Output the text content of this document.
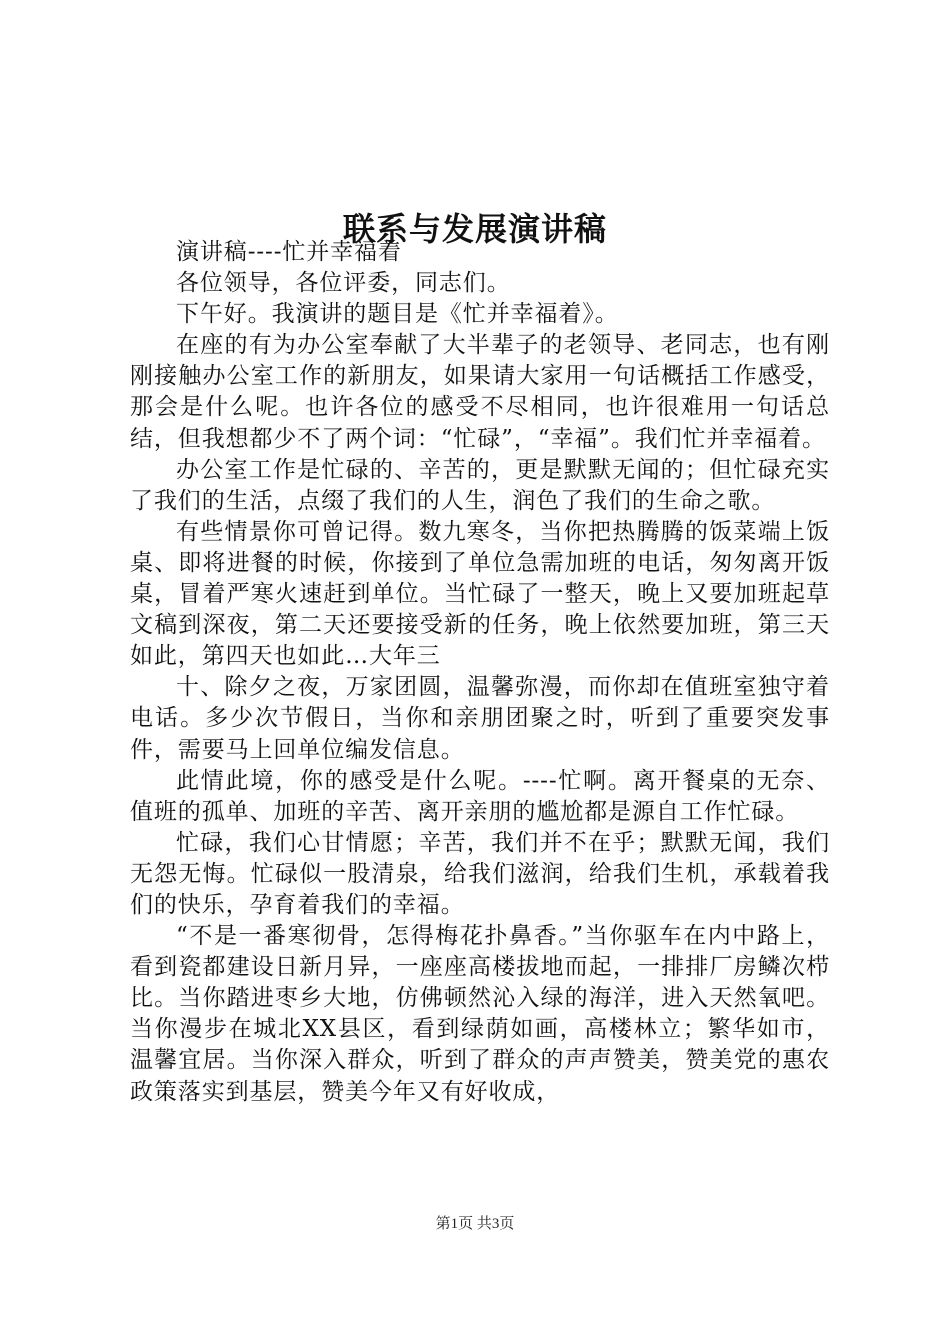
联系与发展演讲稿

演讲稿----忙并幸福着

各位领导，各位评委，同志们。

下午好。我演讲的题目是《忙并幸福着》。

在座的有为办公室奉献了大半辈子的老领导、老同志，也有刚刚接触办公室工作的新朋友，如果请大家用一句话概括工作感受，那会是什么呢。也许各位的感受不尽相同，也许很难用一句话总结，但我想都少不了两个词：“忙碌”，“幸福”。我们忙并幸福着。

办公室工作是忙碌的、辛苦的，更是默默无闻的；但忙碌充实了我们的生活，点缀了我们的人生，润色了我们的生命之歌。

有些情景你可曾记得。数九寒冬，当你把热腾腾的饭菜端上饭桌、即将进餐的时候，你接到了单位急需加班的电话，匆匆离开饭桌，冒着严寒火速赶到单位。当忙碌了一整天，晚上又要加班起草文稿到深夜，第二天还要接受新的任务，晚上依然要加班，第三天如此，第四天也如此…大年三

十、除夕之夜，万家团圆，温馨弥漫，而你却在值班室独守着电话。多少次节假日，当你和亲朋团聚之时，听到了重要突发事件，需要马上回单位编发信息。

此情此境，你的感受是什么呢。----忙啊。离开餐桌的无奈、值班的孤单、加班的辛苦、离开亲朋的尴尬都是源自工作忙碌。

忙碌，我们心甘情愿；辛苦，我们并不在乎；默默无闻，我们无怨无悔。忙碌似一股清泉，给我们滋润，给我们生机，承载着我们的快乐，孕育着我们的幸福。

“不是一番寒彻骨，怎得梅花扑鼻香。”当你驱车在内中路上，看到瓷都建设日新月异，一座座高楼拔地而起，一排排厂房鳞次栉比。当你踏进枣乡大地，仿佛顿然沁入绿的海洋，进入天然氧吧。当你漫步在城北XX县区，看到绿荫如画，高楼林立；繁华如市，温馨宜居。当你深入群众，听到了群众的声声赞美，赞美党的惠农政策落实到基层，赞美今年又有好收成，

第1页 共3页
